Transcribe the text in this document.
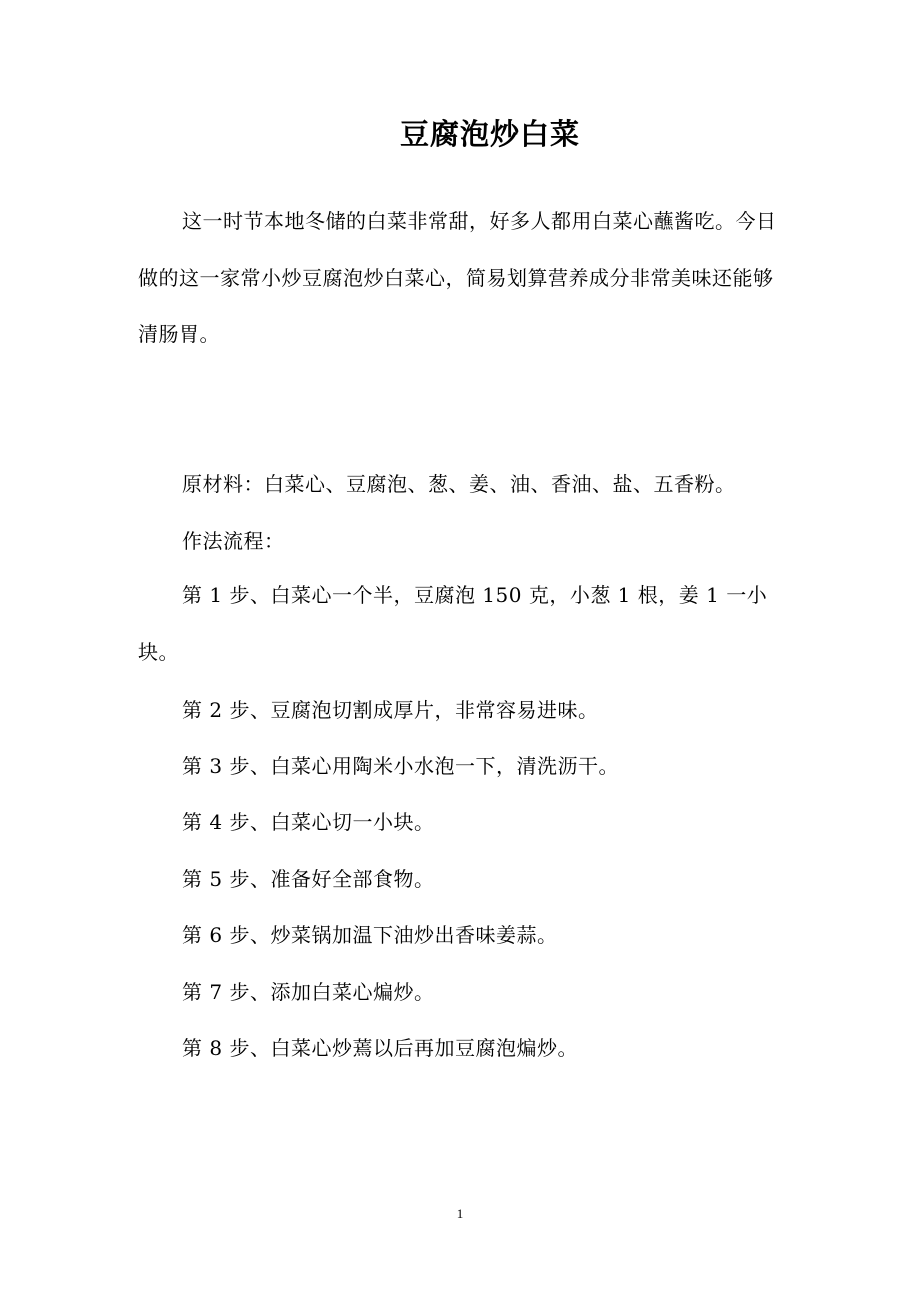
豆腐泡炒白菜
这一时节本地冬储的白菜非常甜，好多人都用白菜心蘸酱吃。今日做的这一家常小炒豆腐泡炒白菜心，简易划算营养成分非常美味还能够清肠胃。
原材料：白菜心、豆腐泡、葱、姜、油、香油、盐、五香粉。
作法流程：
第 1 步、白菜心一个半，豆腐泡 150 克，小葱 1 根，姜 1 一小块。
第 2 步、豆腐泡切割成厚片，非常容易进味。
第 3 步、白菜心用陶米小水泡一下，清洗沥干。
第 4 步、白菜心切一小块。
第 5 步、准备好全部食物。
第 6 步、炒菜锅加温下油炒出香味姜蒜。
第 7 步、添加白菜心煸炒。
第 8 步、白菜心炒蔫以后再加豆腐泡煸炒。
1
